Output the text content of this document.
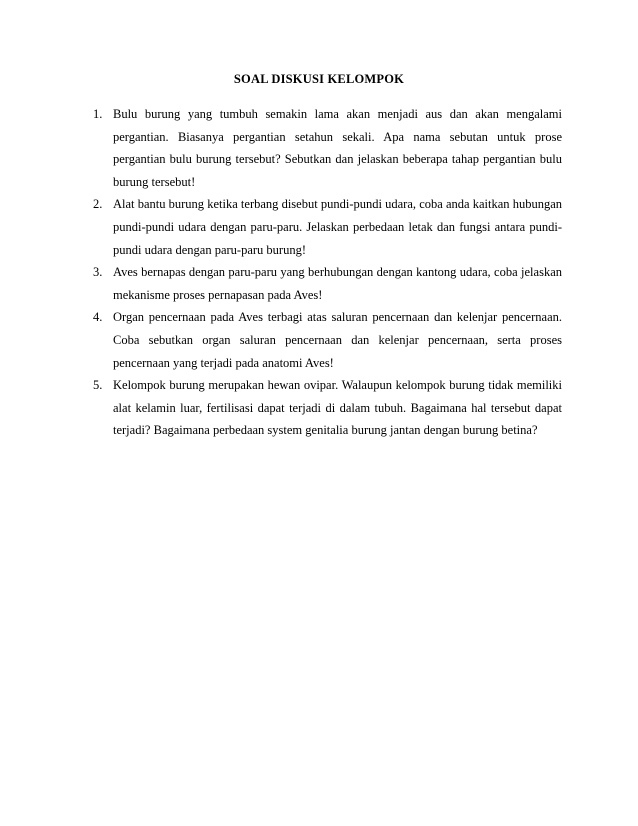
SOAL DISKUSI KELOMPOK
1. Bulu burung yang tumbuh semakin lama akan menjadi aus dan akan mengalami pergantian. Biasanya pergantian setahun sekali. Apa nama sebutan untuk prose pergantian bulu burung tersebut? Sebutkan dan jelaskan beberapa tahap pergantian bulu burung tersebut!
2. Alat bantu burung ketika terbang disebut pundi-pundi udara, coba anda kaitkan hubungan pundi-pundi udara dengan paru-paru. Jelaskan perbedaan letak dan fungsi antara pundi-pundi udara dengan paru-paru burung!
3. Aves bernapas dengan paru-paru yang berhubungan dengan kantong udara, coba jelaskan mekanisme proses pernapasan pada Aves!
4. Organ pencernaan pada Aves terbagi atas saluran pencernaan dan kelenjar pencernaan. Coba sebutkan organ saluran pencernaan dan kelenjar pencernaan, serta proses pencernaan yang terjadi pada anatomi Aves!
5. Kelompok burung merupakan hewan ovipar. Walaupun kelompok burung tidak memiliki alat kelamin luar, fertilisasi dapat terjadi di dalam tubuh. Bagaimana hal tersebut dapat terjadi? Bagaimana perbedaan system genitalia burung jantan dengan burung betina?
